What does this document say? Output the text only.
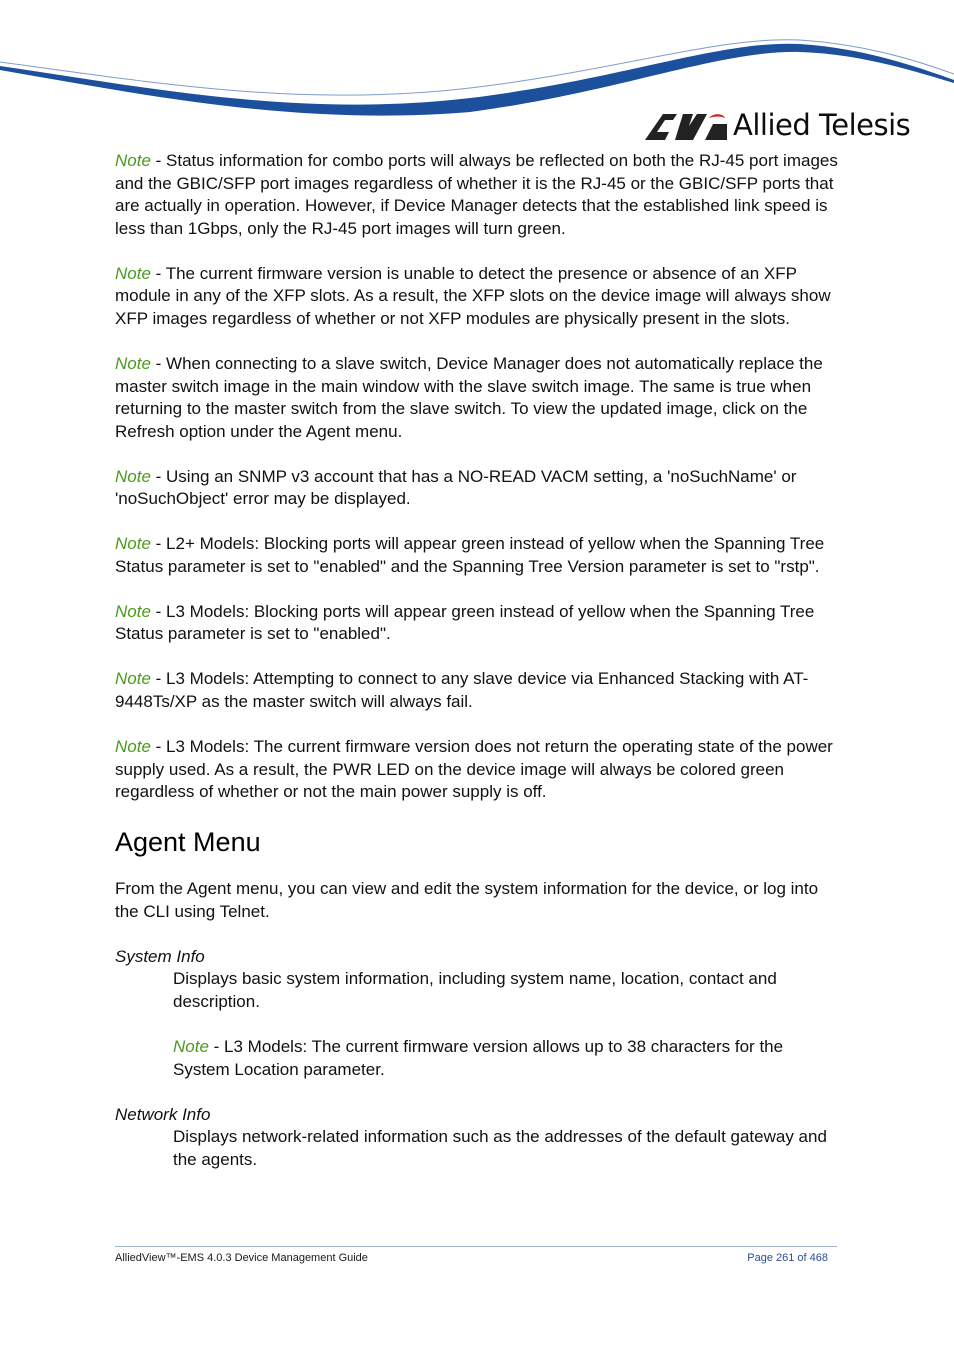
Allied Telesis

Note - Status information for combo ports will always be reflected on both the RJ-45 port images and the GBIC/SFP port images regardless of whether it is the RJ-45 or the GBIC/SFP ports that are actually in operation. However, if Device Manager detects that the established link speed is less than 1Gbps, only the RJ-45 port images will turn green.

Note - The current firmware version is unable to detect the presence or absence of an XFP module in any of the XFP slots. As a result, the XFP slots on the device image will always show XFP images regardless of whether or not XFP modules are physically present in the slots.

Note - When connecting to a slave switch, Device Manager does not automatically replace the master switch image in the main window with the slave switch image. The same is true when returning to the master switch from the slave switch. To view the updated image, click on the Refresh option under the Agent menu.

Note - Using an SNMP v3 account that has a NO-READ VACM setting, a 'noSuchName' or 'noSuchObject' error may be displayed.

Note - L2+ Models: Blocking ports will appear green instead of yellow when the Spanning Tree Status parameter is set to "enabled" and the Spanning Tree Version parameter is set to "rstp".

Note - L3 Models: Blocking ports will appear green instead of yellow when the Spanning Tree Status parameter is set to "enabled".

Note - L3 Models: Attempting to connect to any slave device via Enhanced Stacking with AT-9448Ts/XP as the master switch will always fail.

Note - L3 Models: The current firmware version does not return the operating state of the power supply used. As a result, the PWR LED on the device image will always be colored green regardless of whether or not the main power supply is off.

Agent Menu

From the Agent menu, you can view and edit the system information for the device, or log into the CLI using Telnet.

System Info

Displays basic system information, including system name, location, contact and description.

Note - L3 Models: The current firmware version allows up to 38 characters for the System Location parameter.

Network Info

Displays network-related information such as the addresses of the default gateway and the agents.

AlliedView™-EMS 4.0.3 Device Management Guide	Page 261 of 468
